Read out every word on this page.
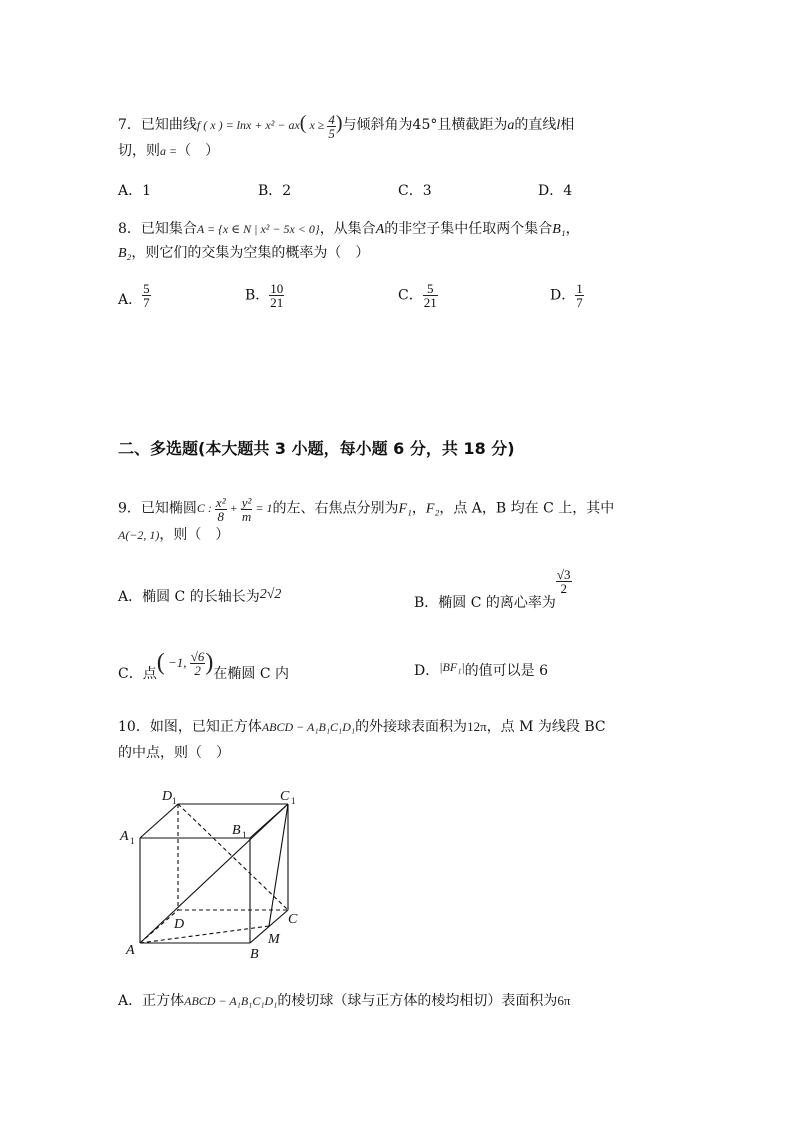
7．已知曲线f ( x ) = lnx + x² − ax( $x \ge \frac{4}{5}$ )与倾斜角为45°且横截距为a的直线l相
切，则a =（　）
A．1	B．2	C．3	D．4
8．已知集合A = {x ∈ N | x² − 5x < 0}，从集合A的非空子集中任取两个集合B₁，
B₂，则它们的交集为空集的概率为（　）
A． $\frac{5}{7}$	B． $\frac{10}{21}$	C． $\frac{5}{21}$	D． $\frac{1}{7}$
二、多选题(本大题共 3 小题，每小题 6 分，共 18 分)
9．已知椭圆C : $\frac{\text{x²}}{8} + \frac{\text{y²}}{m} = 1$的左、右焦点分别为F₁，F₂，点 A，B 均在 C 上，其中
A(−2, 1)，则（　）
A．椭圆 C 的长轴长为2√2
B．椭圆 C 的离心率为
$\frac{√3}{2}$
C．点( −1, $\frac{√6}{2}$ )在椭圆 C 内	D．|BF₁|的值可以是 6
10．如图，已知正方体ABCD − A₁B₁C₁D₁的外接球表面积为12π，点 M 为线段 BC
的中点，则（　）
D 1	C 1
A 1
B 1
D	C
A	B
M
A．正方体ABCD − A₁B₁C₁D₁的棱切球（球与正方体的棱均相切）表面积为6π
